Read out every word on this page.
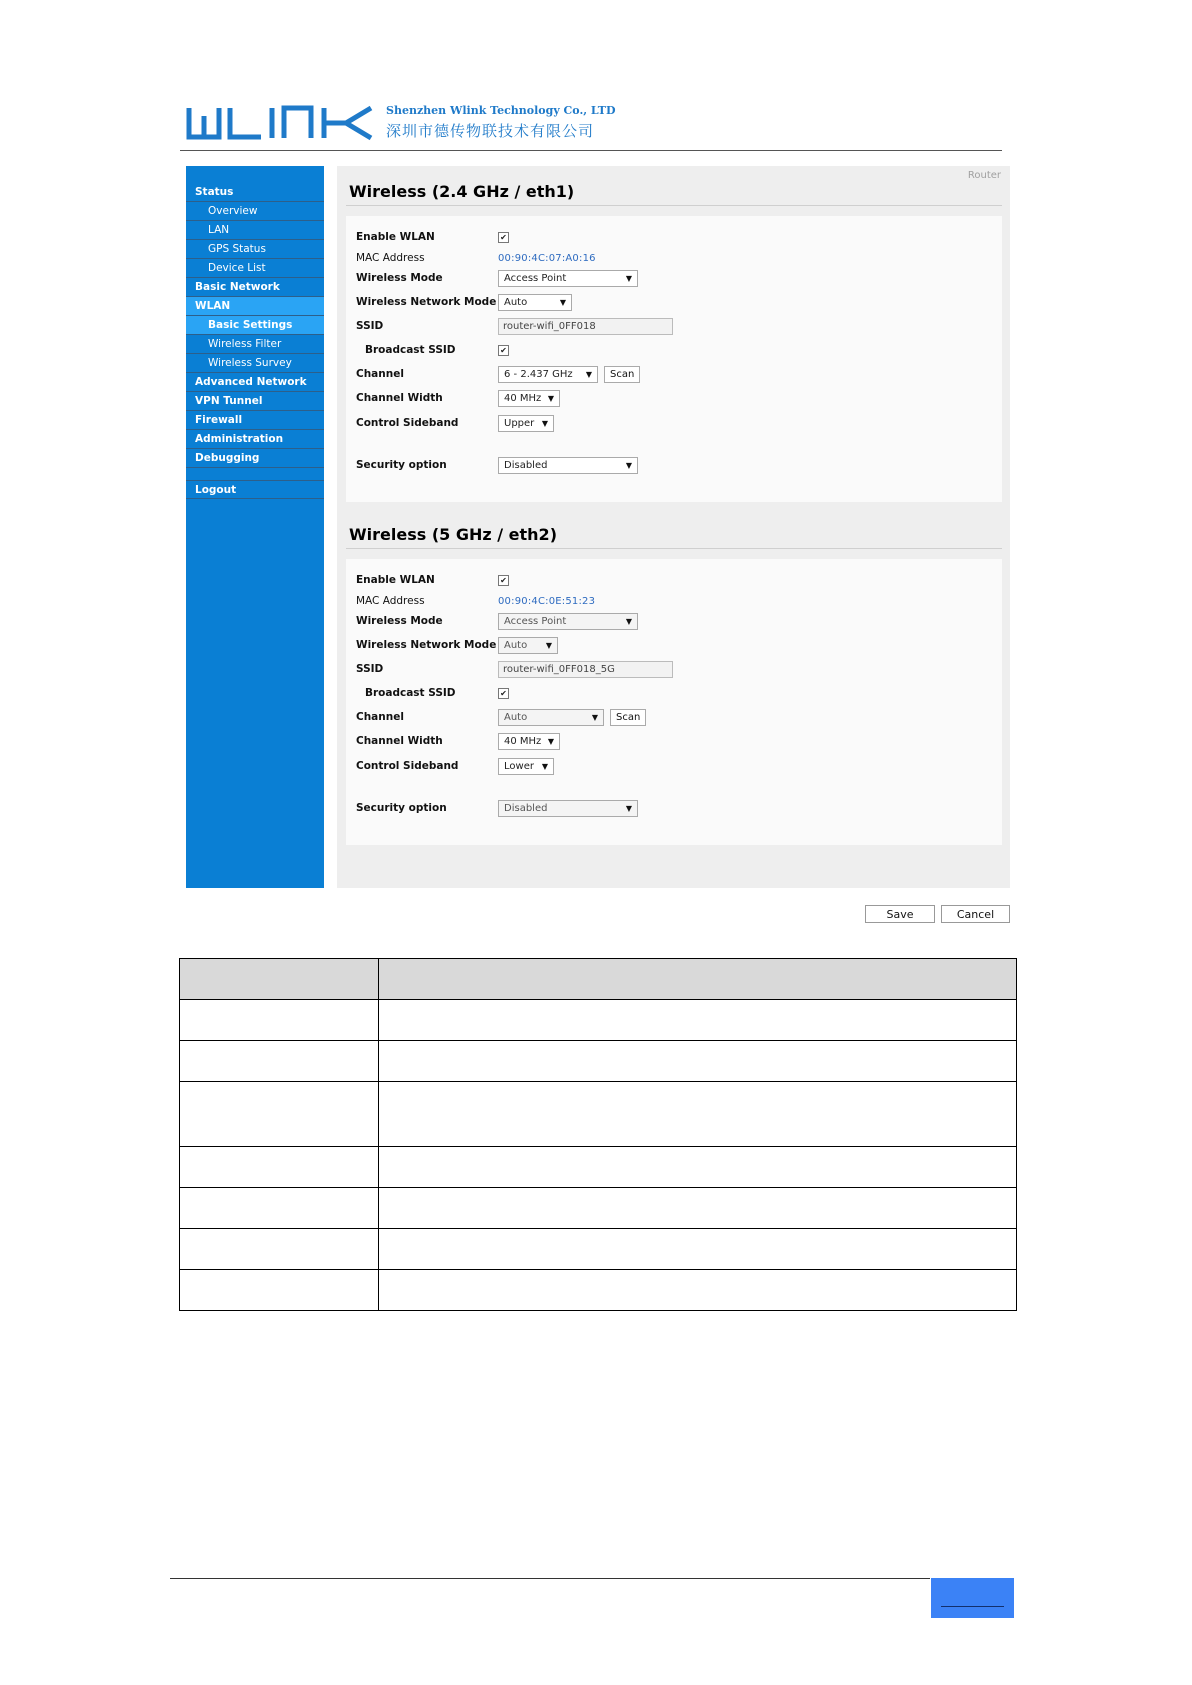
Shenzhen Wlink Technology Co., LTD
深圳市德传物联技术有限公司
Status
Overview
LAN
GPS Status
Device List
Basic Network
WLAN
Basic Settings
Wireless Filter
Wireless Survey
Advanced Network
VPN Tunnel
Firewall
Administration
Debugging
Logout
Router
Wireless (2.4 GHz / eth1)
Enable WLAN	✔
MAC Address	00:90:4C:07:A0:16
Wireless Mode	Access Point	▼
Wireless Network Mode Auto	▼
SSID	router-wifi_0FF018
Broadcast SSID	✔
Channel	6 - 2.437 GHz ▼	Scan
Channel Width	40 MHz ▼
Control Sideband	Upper ▼
Security option	Disabled	▼
Wireless (5 GHz / eth2)
Enable WLAN	✔
MAC Address	00:90:4C:0E:51:23
Wireless Mode	Access Point	▼
Wireless Network Mode Auto ▼
SSID	router-wifi_0FF018_5G
Broadcast SSID	✔
Channel	Auto	▼	Scan
Channel Width	40 MHz ▼
Control Sideband	Lower ▼
Security option	Disabled	▼
Save	Cancel
